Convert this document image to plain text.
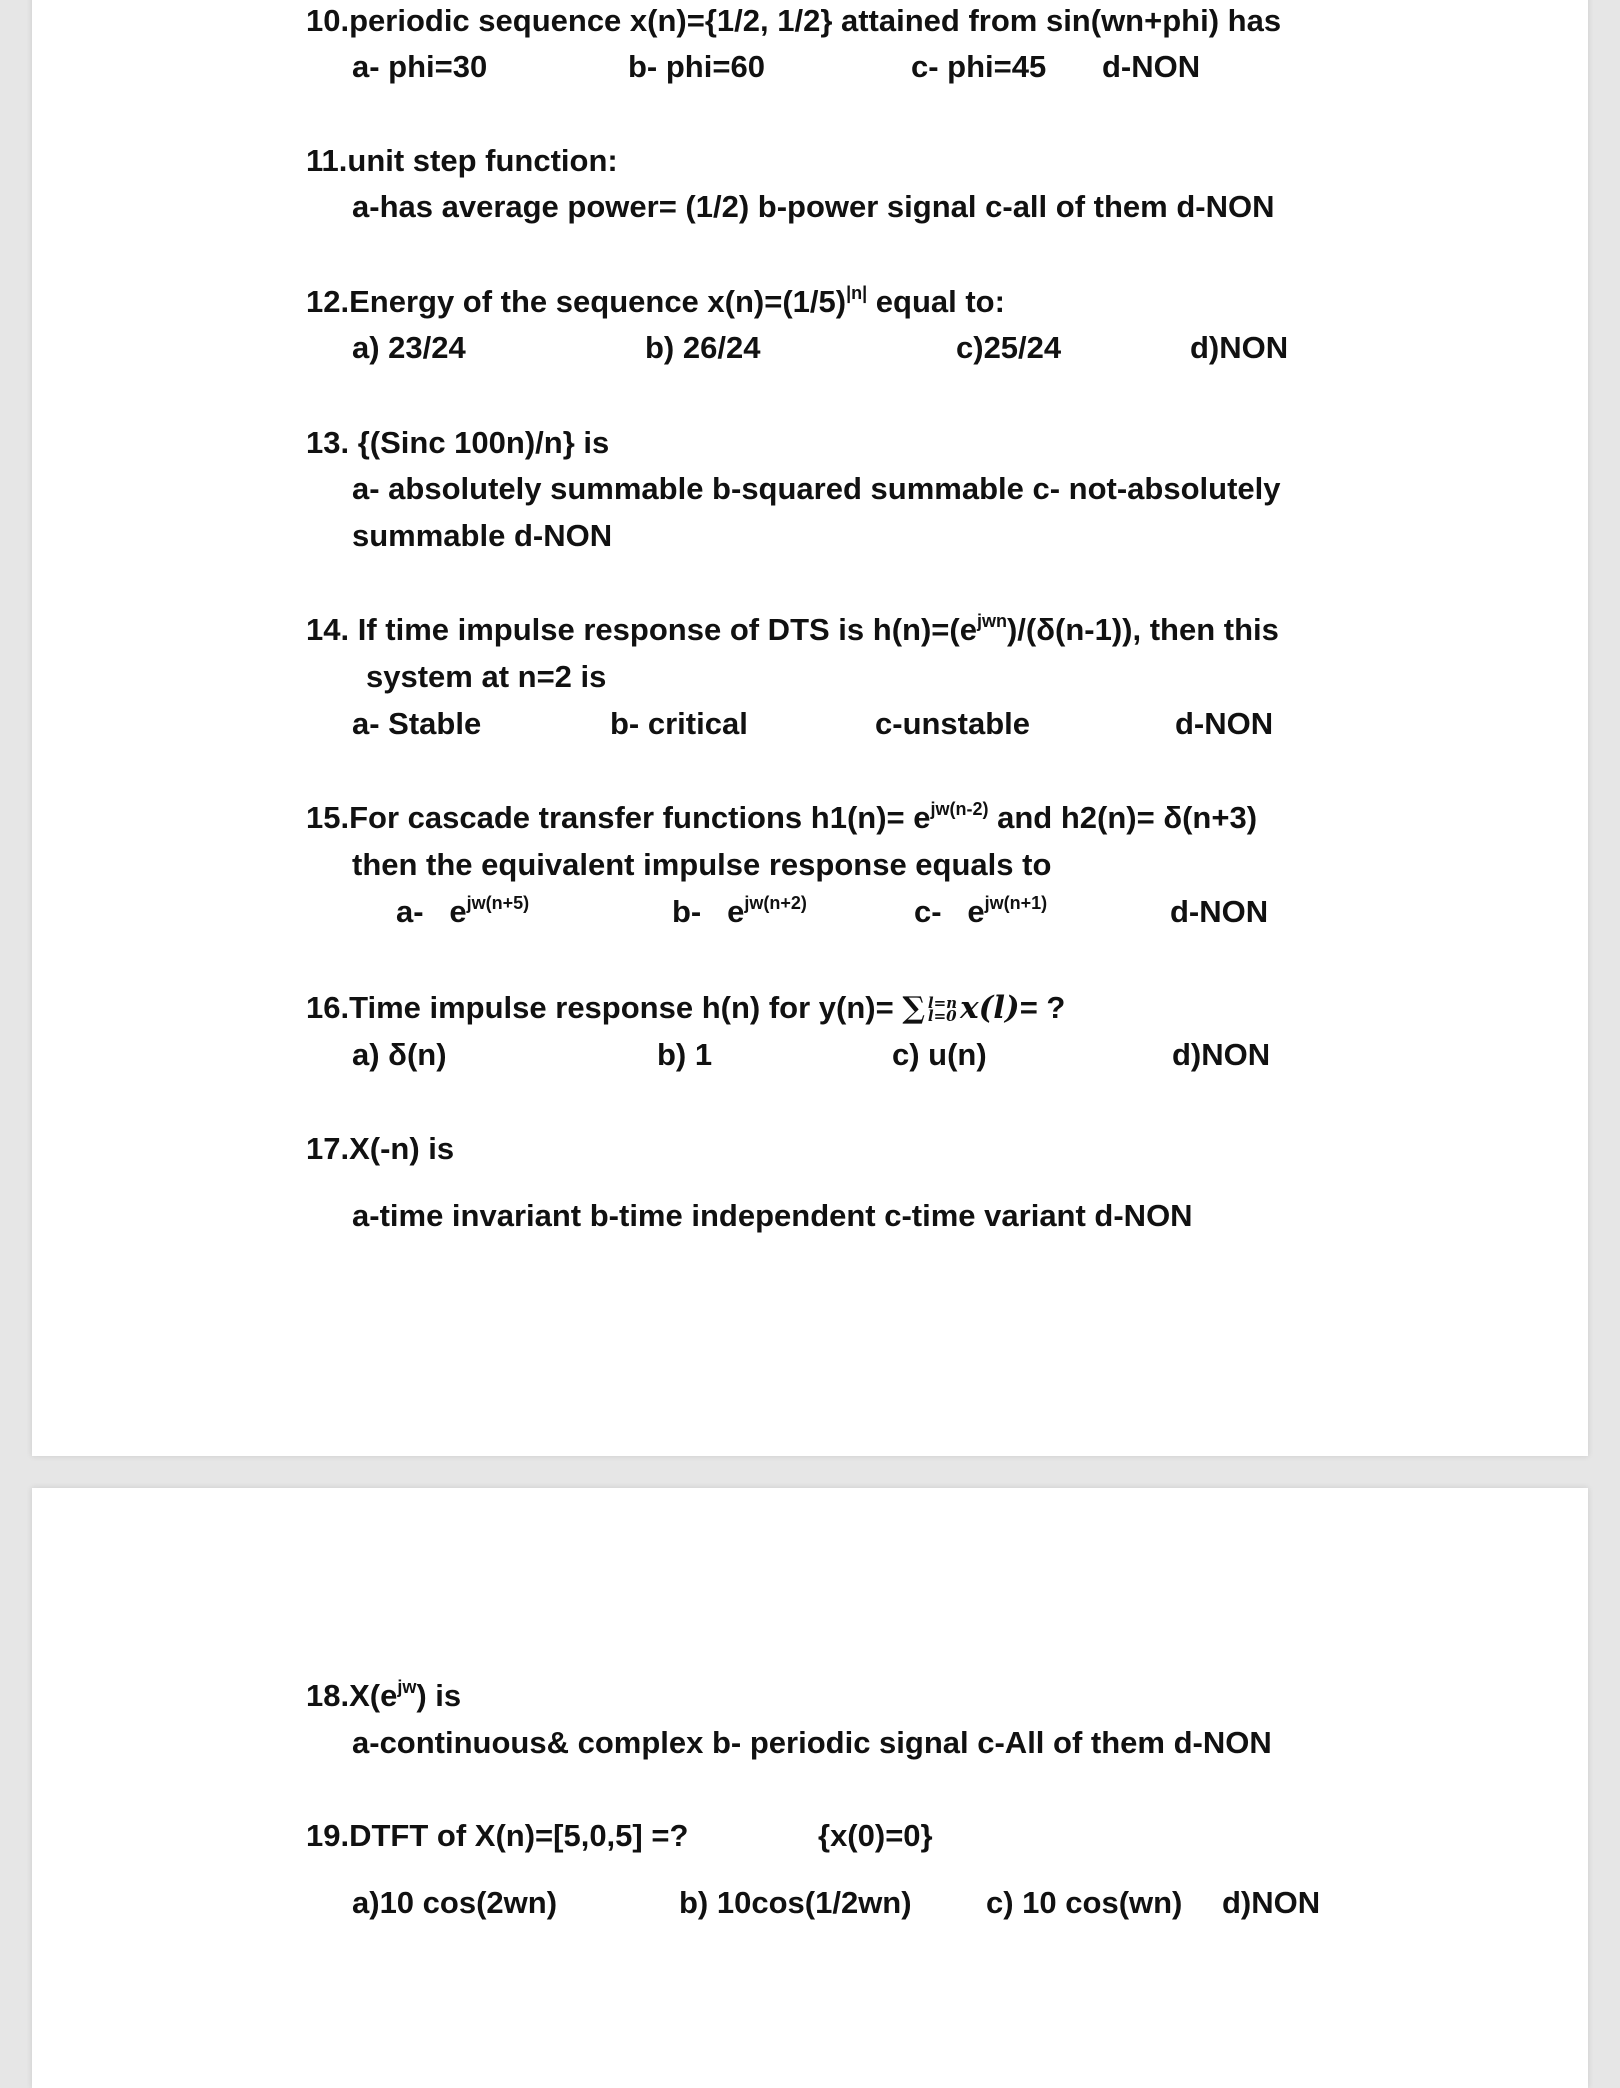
10.periodic sequence x(n)={1/2, 1/2} attained from sin(wn+phi) has
a- phi=30	b- phi=60	c- phi=45 d-NON
11.unit step function:
a-has average power= (1/2) b-power signal c-all of them d-NON
12.Energy of the sequence $x(n)=(1/5)^{|n|}$ equal to:
a) 23/24	b) 26/24	c)25/24	d)NON
13. {(Sinc 100n)/n} is
a- absolutely summable b-squared summable c- not-absolutely
summable d-NON
14. If time impulse response of DTS is $h(n)=(e^{jwn})/(\delta(n-1))$, then this
system at n=2 is
a- Stable	b- critical	c-unstable	d-NON
15.For cascade transfer functions $h1(n)= e^{jw(n-2)}$ and h2(n)= δ(n+3)
then the equivalent impulse response equals to
a- $e^{jw(n+5)}$	b- $e^{jw(n+2)}$	c- $e^{jw(n+1)}$	d-NON
16.Time impulse response h(n) for y(n)= ∑ l=n
l=0 x(l)= ?
a) δ(n)	b) 1	c) u(n)	d)NON
17.X(-n) is
a-time invariant b-time independent c-time variant d-NON
$18.X(e^{jw})$ is
a-continuous& complex b- periodic signal c-All of them d-NON
19.DTFT of X(n)=[5,0,5] =?	{x(0)=0}
a)10 cos(2wn)	b) 10cos(1/2wn) c) 10 cos(wn) d)NON
